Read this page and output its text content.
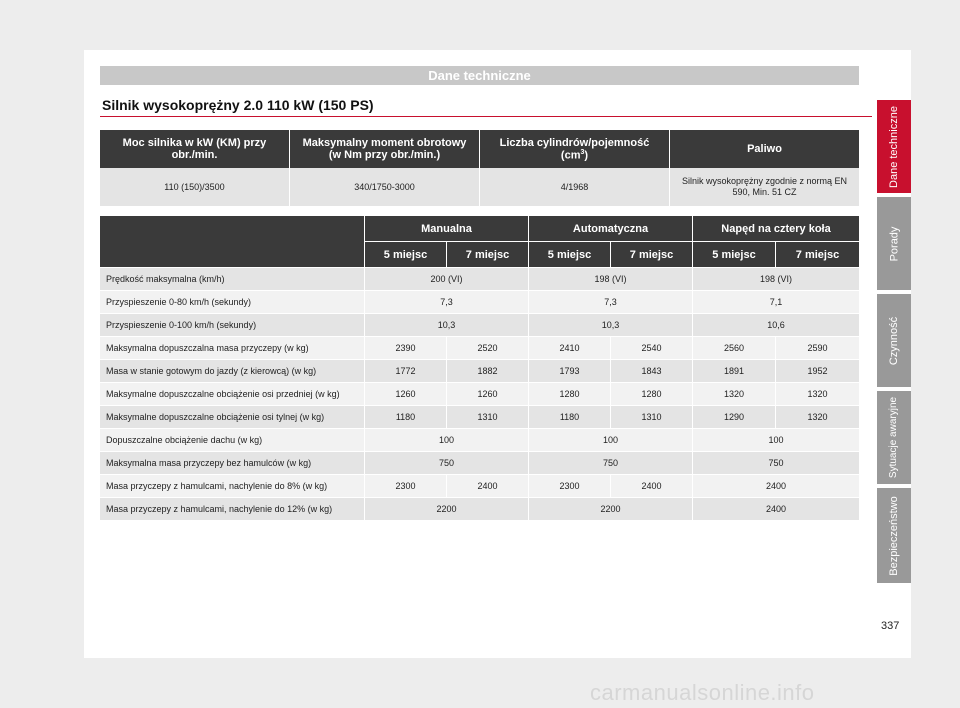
Dane techniczne
Silnik wysokoprężny 2.0 110 kW (150 PS)
Moc silnika w kW (KM) przy
obr./min.	Maksymalny moment obrotowy
(w Nm przy obr./min.)	Liczba cylindrów/pojemność
$(cm^3)$	Paliwo
110 (150)/3500	340/1750-3000	4/1968	Silnik wysokoprężny zgodnie z normą EN
590, Min. 51 CZ
	Manualna		Automatyczna		Napęd na cztery koła	
	5 miejsc	7 miejsc	5 miejsc	7 miejsc	5 miejsc	7 miejsc
Prędkość maksymalna (km/h)	200 (VI)		198 (VI)		198 (VI)	
Przyspieszenie 0-80 km/h (sekundy)	7,3		7,3		7,1	
Przyspieszenie 0-100 km/h (sekundy)	10,3		10,3		10,6	
Maksymalna dopuszczalna masa przyczepy (w kg)	2390	2520	2410	2540	2560	2590
Masa w stanie gotowym do jazdy (z kierowcą) (w kg)	1772	1882	1793	1843	1891	1952
Maksymalne dopuszczalne obciążenie osi przedniej (w kg)	1260	1260	1280	1280	1320	1320
Maksymalne dopuszczalne obciążenie osi tylnej (w kg)	1180	1310	1180	1310	1290	1320
Dopuszczalne obciążenie dachu (w kg)	100		100		100	
Maksymalna masa przyczepy bez hamulców (w kg)	750		750		750	
Masa przyczepy z hamulcami, nachylenie do 8% (w kg)	2300	2400	2300	2400	2400	
Masa przyczepy z hamulcami, nachylenie do 12% (w kg)	2200		2200		2400	
Dane techniczne
Porady
Czynność
Sytuacje awaryjne
Bezpieczeństwo
337
carmanualsonline.info
